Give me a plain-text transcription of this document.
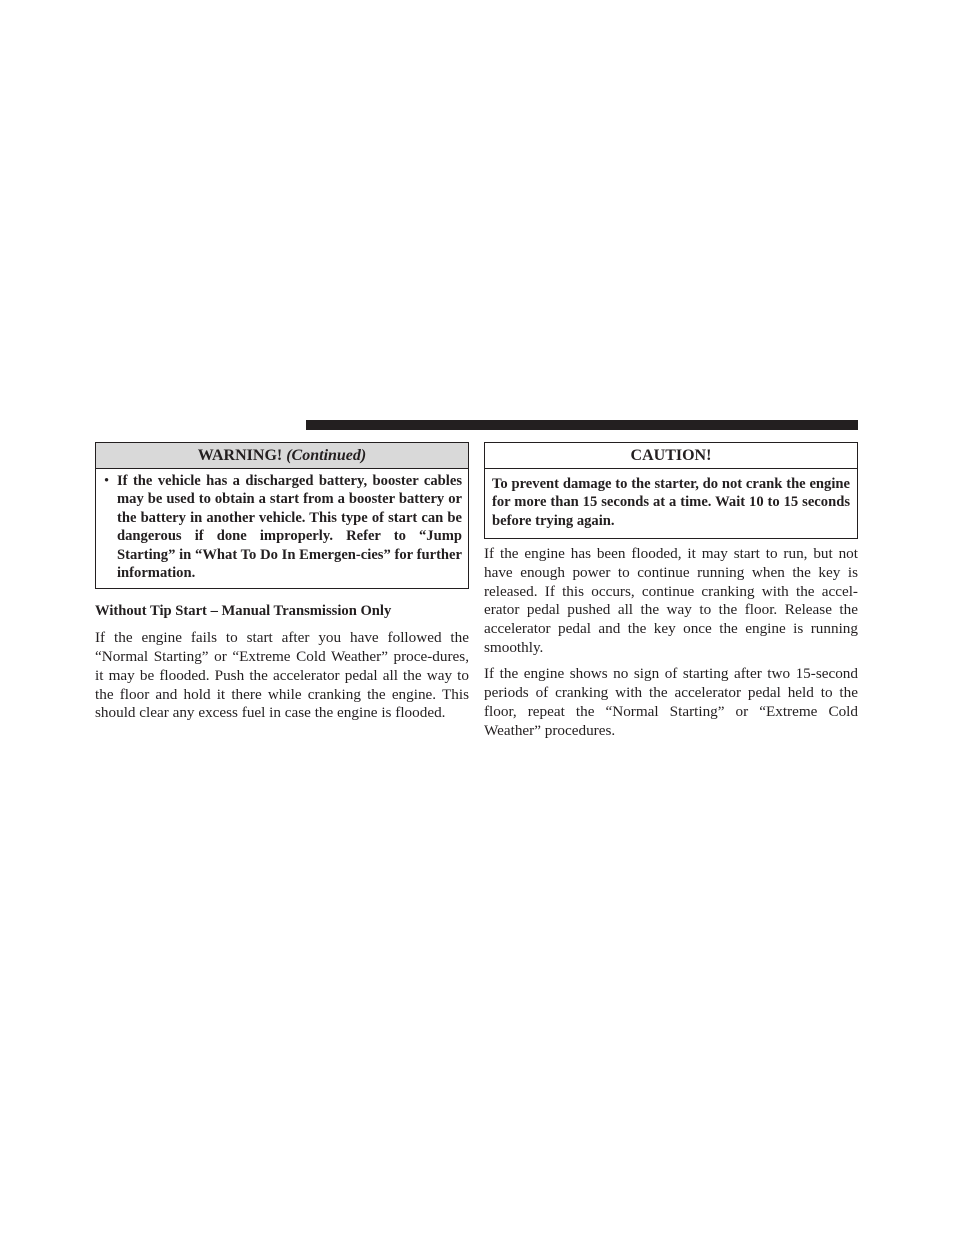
WARNING! (Continued)
• If the vehicle has a discharged battery, booster cables may be used to obtain a start from a booster battery or the battery in another vehicle. This type of start can be dangerous if done improperly. Refer to “Jump Starting” in “What To Do In Emergen-cies” for further information.
Without Tip Start – Manual Transmission Only

If the engine fails to start after you have followed the “Normal Starting” or “Extreme Cold Weather” proce-dures, it may be flooded. Push the accelerator pedal all the way to the floor and hold it there while cranking the engine. This should clear any excess fuel in case the engine is flooded.

CAUTION!
To prevent damage to the starter, do not crank the engine for more than 15 seconds at a time. Wait 10 to 15 seconds before trying again.

If the engine has been flooded, it may start to run, but not have enough power to continue running when the key is released. If this occurs, continue cranking with the accel-erator pedal pushed all the way to the floor. Release the accelerator pedal and the key once the engine is running smoothly.

If the engine shows no sign of starting after two 15-second periods of cranking with the accelerator pedal held to the floor, repeat the “Normal Starting” or “Extreme Cold Weather” procedures.
